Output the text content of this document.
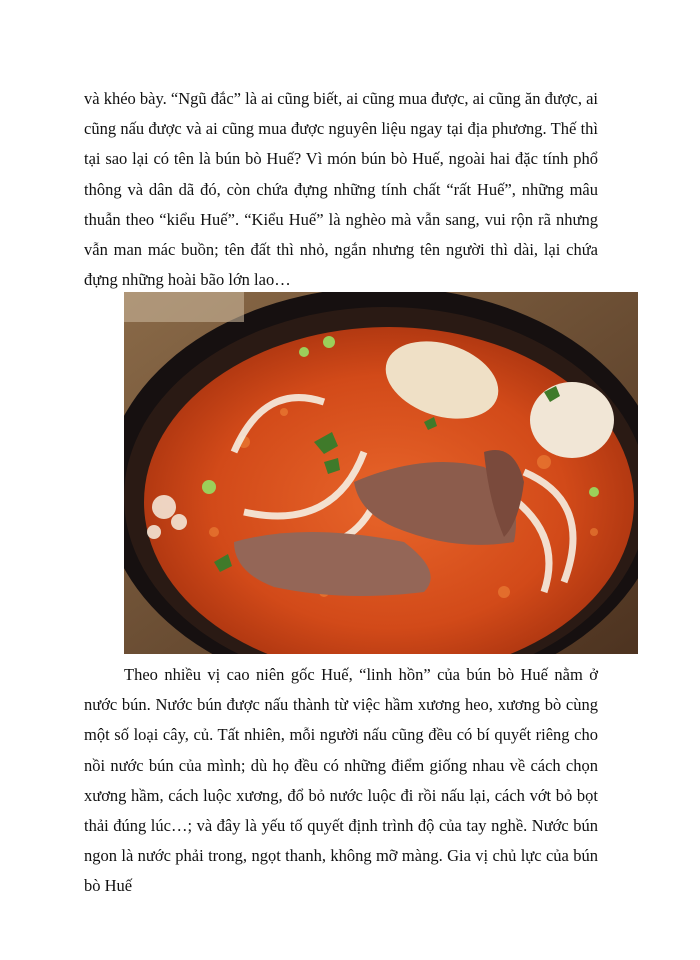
và khéo bày. “Ngũ đắc” là ai cũng biết, ai cũng mua được, ai cũng ăn được, ai cũng nấu được và ai cũng mua được nguyên liệu ngay tại địa phương. Thế thì tại sao lại có tên là bún bò Huế? Vì món bún bò Huế, ngoài hai đặc tính phổ thông và dân dã đó, còn chứa đựng những tính chất “rất Huế”, những mâu thuẫn theo “kiểu Huế”. “Kiểu Huế” là nghèo mà vẫn sang, vui rộn rã nhưng vẫn man mác buồn; tên đất thì nhỏ, ngắn nhưng tên người thì dài, lại chứa đựng những hoài bão lớn lao…

Theo nhiều vị cao niên gốc Huế, “linh hồn” của bún bò Huế nằm ở nước bún. Nước bún được nấu thành từ việc hầm xương heo, xương bò cùng một số loại cây, củ. Tất nhiên, mỗi người nấu cũng đều có bí quyết riêng cho nồi nước bún của mình; dù họ đều có những điểm giống nhau về cách chọn xương hầm, cách luộc xương, đổ bỏ nước luộc đi rồi nấu lại, cách vớt bỏ bọt thải đúng lúc…; và đây là yếu tố quyết định trình độ của tay nghề. Nước bún ngon là nước phải trong, ngọt thanh, không mỡ màng. Gia vị chủ lực của bún bò Huế
